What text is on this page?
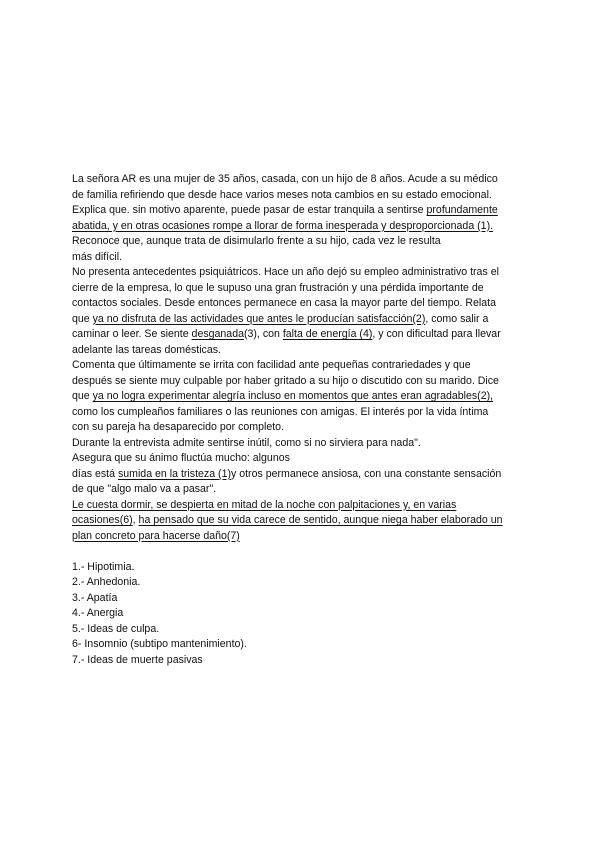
La señora AR es una mujer de 35 años, casada, con un hijo de 8 años. Acude a su médico
de familia refiriendo que desde hace varios meses nota cambios en su estado emocional.
Explica que. sin motivo aparente, puede pasar de estar tranquila a sentirse profundamente
abatida, y en otras ocasiones rompe a llorar de forma inesperada y desproporcionada (1).
Reconoce que, aunque trata de disimularlo frente a su hijo, cada vez le resulta
más difícil.
No presenta antecedentes psiquiátricos. Hace un año dejó su empleo administrativo tras el
cierre de la empresa, lo que le supuso una gran frustración y una pérdida importante de
contactos sociales. Desde entonces permanece en casa la mayor parte del tiempo. Relata
que ya no disfruta de las actividades que antes le producían satisfacción(2), como salir a
caminar o leer. Se siente desganada(3), con falta de energía (4), y con dificultad para llevar
adelante las tareas domésticas.
Comenta que últimamente se irrita con facilidad ante pequeñas contrariedades y que
después se siente muy culpable por haber gritado a su hijo o discutido con su marido. Dice
que ya no logra experimentar alegría incluso en momentos que antes eran agradables(2),
como los cumpleaños familiares o las reuniones con amigas. El interés por la vida íntima
con su pareja ha desaparecido por completo.
Durante la entrevista admite sentirse inútil, como si no sirviera para nada".
Asegura que su ánimo fluctúa mucho: algunos
días está sumida en la tristeza (1)y otros permanece ansiosa, con una constante sensación
de que "algo malo va a pasar".
Le cuesta dormir, se despierta en mitad de la noche con palpitaciones y, en varias
ocasiones(6), ha pensado que su vida carece de sentido, aunque niega haber elaborado un
plan concreto para hacerse daño(7)
1.- Hipotimia.
2.- Anhedonia.
3.- Apatía
4.- Anergia
5.- Ideas de culpa.
6- Insomnio (subtipo mantenimiento).
7.- Ideas de muerte pasivas
